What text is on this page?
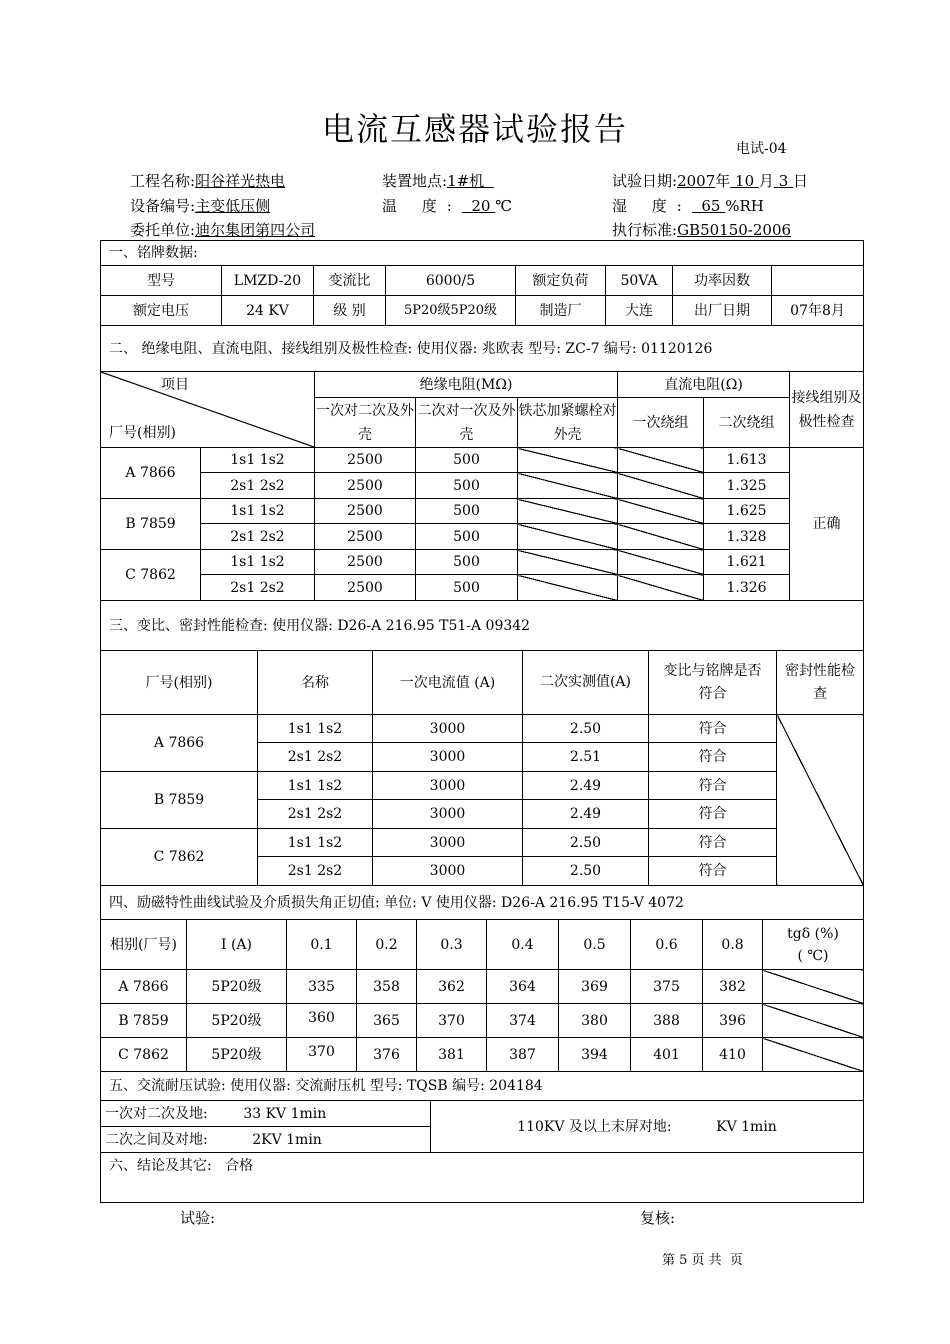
电流互感器试验报告
电试-04
工程名称:阳谷祥光热电	装置地点:1#机	试验日期:2007年 10 月 3 日
设备编号:主变低压侧	温 度: 20 ℃	湿 度: 65 %RH
委托单位:迪尔集团第四公司	执行标准:GB50150-2006
一、铭牌数据:							
型号	LMZD-20	变流比	6000/5	额定负荷	50VA	功率因数	
额定电压	24 KV	级 别	5P20级5P20级	制造厂	大连	出厂日期	07年8月
二、 绝缘电阻、直流电阻、接线组别及极性检查: 使用仪器: 兆欧表 型号: ZC-7 编号: 01120126							
项目
厂号(相别)		绝缘电阻(MΩ)			直流电阻(Ω)		接线组别及极性检查
		一次对二次及外壳	二次对一次及外壳	铁芯加紧螺栓对外壳	一次绕组	二次绕组	
A 7866	1s1 1s2	2500	500			1.613	正确
	2s1 2s2	2500	500			1.325	
B 7859	1s1 1s2	2500	500			1.625	
	2s1 2s2	2500	500			1.328	
C 7862	1s1 1s2	2500	500			1.621	
	2s1 2s2	2500	500			1.326	
三、变比、密封性能检查: 使用仪器: D26-A 216.95 T51-A 09342							
厂号(相别)	名称	一次电流值 (A)	二次实测值(A)	变比与铭牌是否符合	密封性能检查
A 7866	1s1 1s2	3000	2.50	符合	
	2s1 2s2	3000	2.51	符合	
B 7859	1s1 1s2	3000	2.49	符合	
	2s1 2s2	3000	2.49	符合	
C 7862	1s1 1s2	3000	2.50	符合	
	2s1 2s2	3000	2.50	符合	
四、励磁特性曲线试验及介质损失角正切值: 单位: V 使用仪器: D26-A 216.95 T15-V 4072					
相别(厂号)	I (A)	0.1	0.2	0.3	0.4	0.5	0.6	0.8	tgδ (%)
( ℃)

A 7866	5P20级	335	358	362	364	369	375	382	
B 7859	5P20级	360	365	370	374	380	388	396	
C 7862	5P20级	370	376	381	387	394	401	410	
五、交流耐压试验: 使用仪器: 交流耐压机 型号: TQSB 编号: 204184
一次对二次及地:        33 KV 1min	110KV 及以上末屏对地:          KV 1min
二次之间及对地:          2KV 1min
六、结论及其它:   合格
试验:	复核:
第 5 页 共  页
